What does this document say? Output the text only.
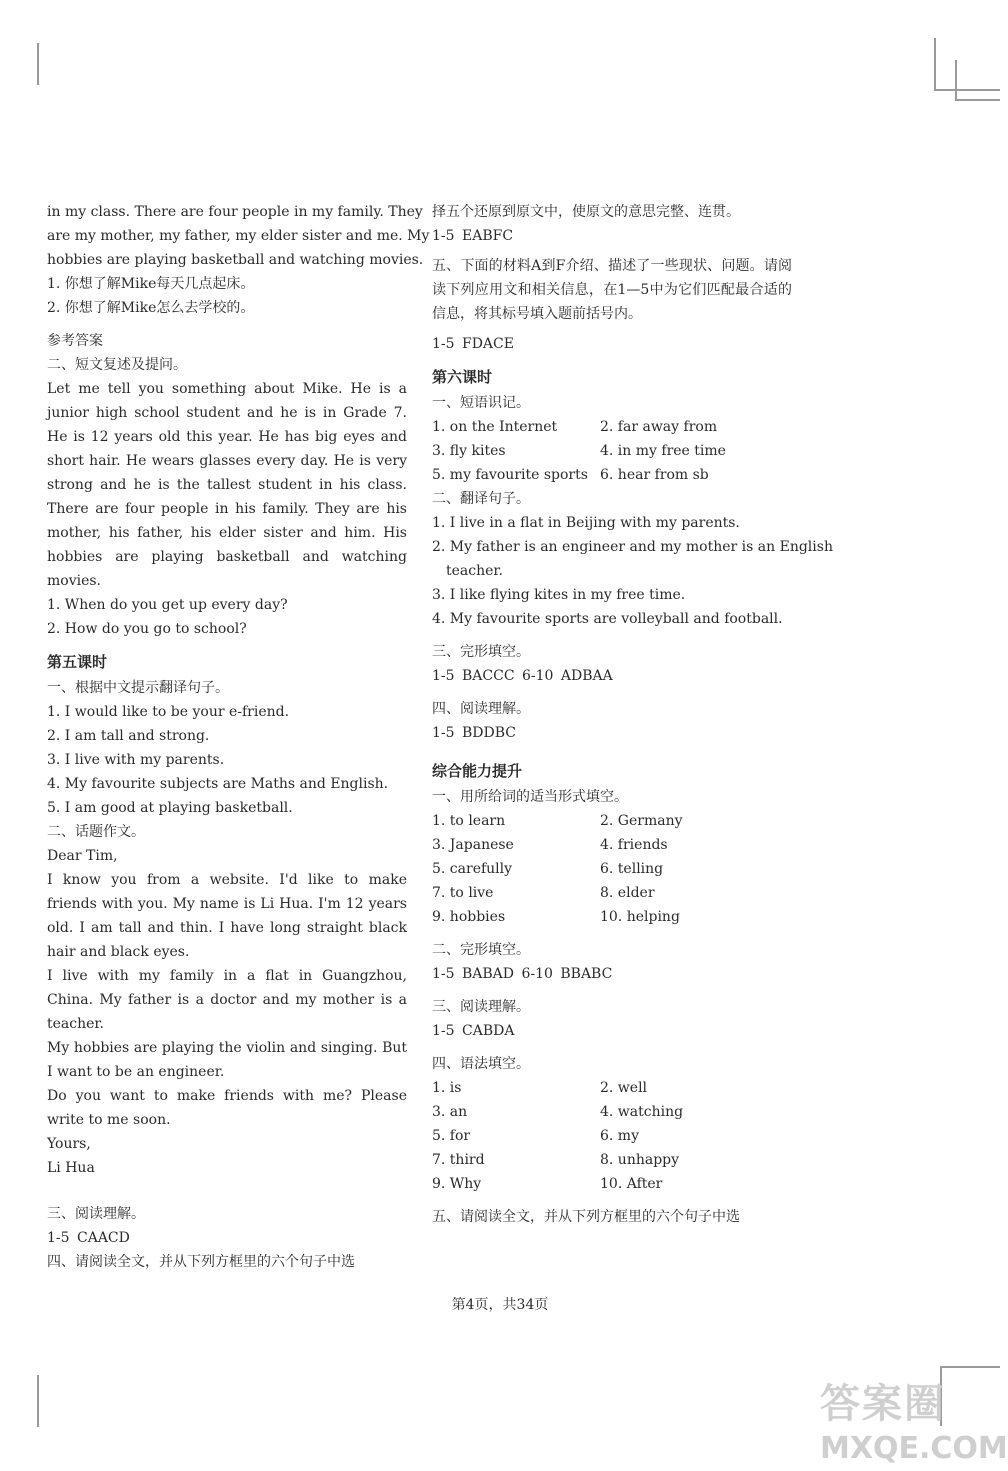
in my class. There are four people in my family. They
are my mother, my father, my elder sister and me. My
hobbies are playing basketball and watching movies.
1. 你想了解Mike每天几点起床。
2. 你想了解Mike怎么去学校的。
参考答案
二、短文复述及提问。
Let me tell you something about Mike. He is a junior high school student and he is in Grade 7. He is 12 years old this year. He has big eyes and short hair. He wears glasses every day. He is very strong and he is the tallest student in his class. There are four people in his family. They are his mother, his father, his elder sister and him. His hobbies are playing basketball and watching movies.
1. When do you get up every day?
2. How do you go to school?
第五课时
一、根据中文提示翻译句子。
1. I would like to be your e-friend.
2. I am tall and strong.
3. I live with my parents.
4. My favourite subjects are Maths and English.
5. I am good at playing basketball.
二、话题作文。
Dear Tim,
I know you from a website. I'd like to make friends with you. My name is Li Hua. I'm 12 years old. I am tall and thin. I have long straight black hair and black eyes.
I live with my family in a flat in Guangzhou, China. My father is a doctor and my mother is a teacher.
My hobbies are playing the violin and singing. But I want to be an engineer.
Do you want to make friends with me? Please write to me soon.
Yours,
Li Hua
三、阅读理解。
1-5 CAACD
四、请阅读全文，并从下列方框里的六个句子中选
择五个还原到原文中，使原文的意思完整、连贯。
1-5 EABFC
五、下面的材料A到F介绍、描述了一些现状、问题。请阅读下列应用文和相关信息，在1—5中为它们匹配最合适的信息，将其标号填入题前括号内。
1-5 FDACE
第六课时
一、短语识记。
1. on the Internet	2. far away from
3. fly kites	4. in my free time
5. my favourite sports 6. hear from sb
二、翻译句子。
1. I live in a flat in Beijing with my parents.
2. My father is an engineer and my mother is an English
teacher.
3. I like flying kites in my free time.
4. My favourite sports are volleyball and football.
三、完形填空。
1-5 BACCC 6-10 ADBAA
四、阅读理解。
1-5 BDDBC
综合能力提升
一、用所给词的适当形式填空。
1. to learn	2. Germany
3. Japanese	4. friends
5. carefully	6. telling
7. to live	8. elder
9. hobbies	10. helping
二、完形填空。
1-5 BABAD 6-10 BBABC
三、阅读理解。
1-5 CABDA
四、语法填空。
1. is	2. well
3. an	4. watching
5. for	6. my
7. third	8. unhappy
9. Why	10. After
五、请阅读全文，并从下列方框里的六个句子中选
第4页，共34页
答案圈
MXQE.COM
